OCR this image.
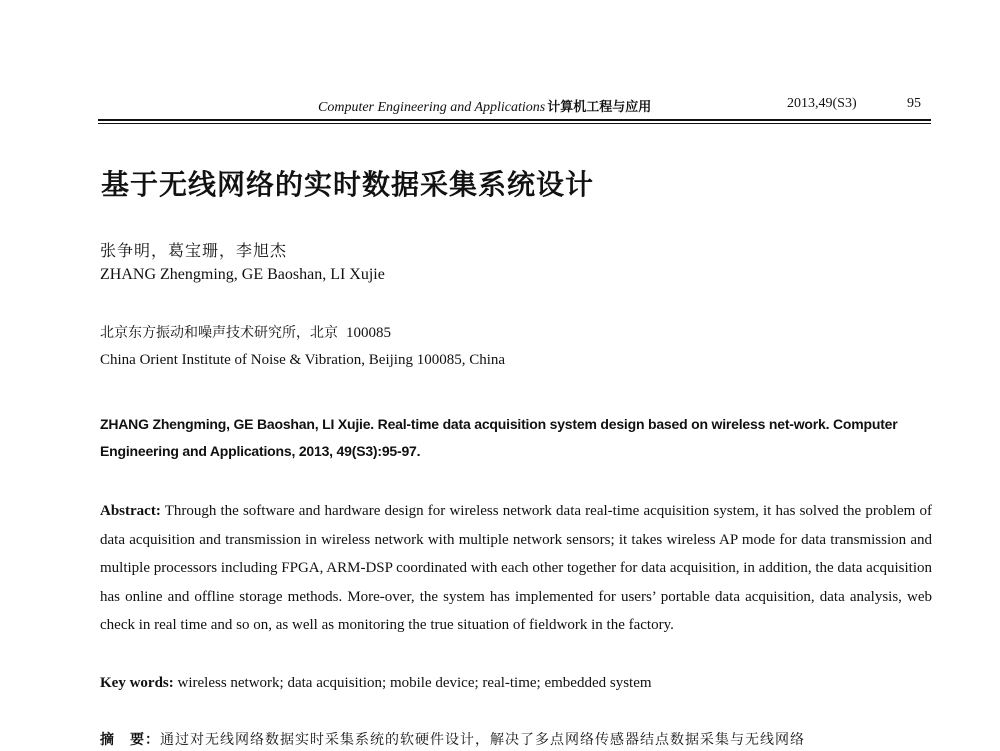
Computer Engineering and Applications 计算机工程与应用	2013,49(S3)	95
基于无线网络的实时数据采集系统设计
张争明，葛宝珊，李旭杰
ZHANG Zhengming, GE Baoshan, LI Xujie
北京东方振动和噪声技术研究所，北京 100085
China Orient Institute of Noise & Vibration, Beijing 100085, China
ZHANG Zhengming, GE Baoshan, LI Xujie. Real-time data acquisition system design based on wireless net-work. Computer Engineering and Applications, 2013, 49(S3):95-97.
Abstract: Through the software and hardware design for wireless network data real-time acquisition system, it has solved the problem of data acquisition and transmission in wireless network with multiple network sensors; it takes wireless AP mode for data transmission and multiple processors including FPGA, ARM-DSP coordinated with each other together for data acquisition, in addition, the data acquisition has online and offline storage methods. More-over, the system has implemented for users’ portable data acquisition, data analysis, web check in real time and so on, as well as monitoring the true situation of fieldwork in the factory.
Key words: wireless network; data acquisition; mobile device; real-time; embedded system
摘　要：通过对无线网络数据实时采集系统的软硬件设计，解决了多点网络传感器结点数据采集与无线网络
